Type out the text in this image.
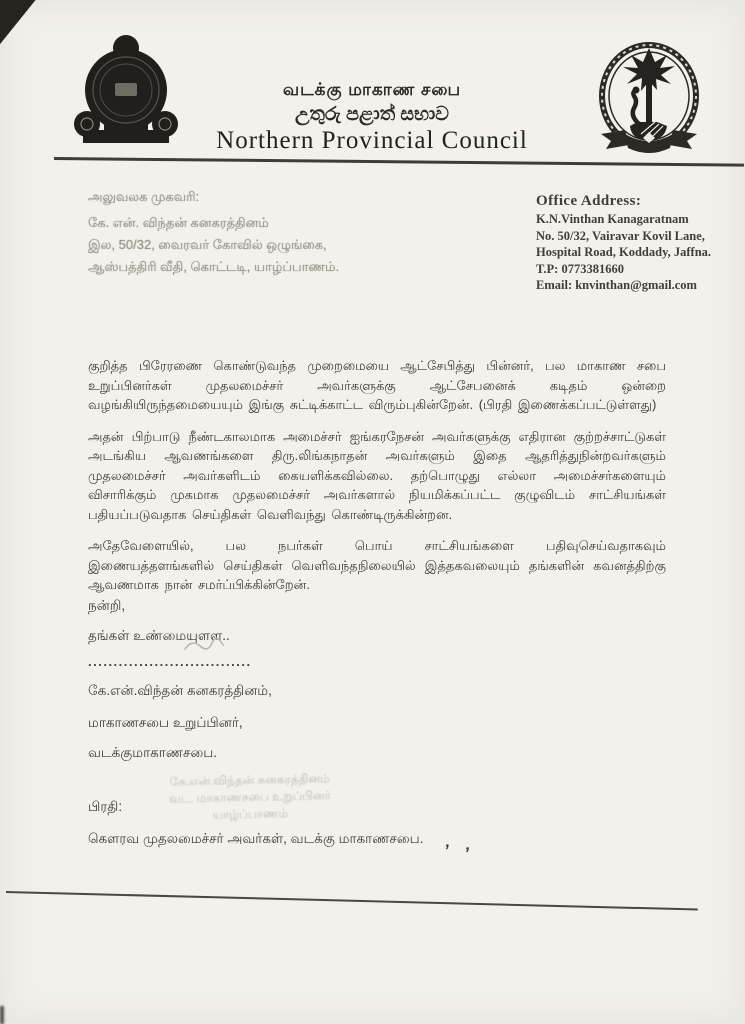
வடக்கு மாகாண சபை
උතුරු පළාත් සභාව
Northern Provincial Council
அலுவலக முகவரி:
கே. என். விந்தன் கனகரத்தினம்
இல, 50/32, வைரவர் கோவில் ஒழுங்கை,
ஆஸ்பத்திரி வீதி, கொட்டடி, யாழ்ப்பாணம்.
Office Address:
K.N.Vinthan Kanagaratnam
No. 50/32, Vairavar Kovil Lane,
Hospital Road, Koddady, Jaffna.
T.P: 0773381660
Email: knvinthan@gmail.com

குறித்த பிரேரணை கொண்டுவந்த முறைமையை ஆட்சேபித்து பின்னர், பல மாகாண சபை உறுப்பினர்கள் முதலமைச்சர் அவர்களுக்கு ஆட்சேபனைக் கடிதம் ஒன்றை வழங்கியிருந்தமையையும் இங்கு சுட்டிக்காட்ட விரும்புகின்றேன். (பிரதி இணைக்கப்பட்டுள்ளது)

அதன் பிற்பாடு நீண்டகாலமாக அமைச்சர் ஐங்கரநேசன் அவர்களுக்கு எதிரான குற்றச்சாட்டுகள் அடங்கிய ஆவணங்களை திரு.லிங்கநாதன் அவர்களும் இதை ஆதரித்துநின்றவர்களும் முதலமைச்சர் அவர்களிடம் கையளிக்கவில்லை. தற்பொழுது எல்லா அமைச்சர்களையும் விசாரிக்கும் முகமாக முதலமைச்சர் அவர்களால் நியமிக்கப்பட்ட குழுவிடம் சாட்சியங்கள் பதியப்படுவதாக செய்திகள் வெளிவந்து கொண்டிருக்கின்றன.

அதேவேளையில், பல நபர்கள் பொய் சாட்சியங்களை பதிவுசெய்வதாகவும் இணையத்தளங்களில் செய்திகள் வெளிவந்தநிலையில் இத்தகவலையும் தங்களின் கவனத்திற்கு ஆவணமாக நான் சமர்ப்பிக்கின்றேன்.

நன்றி,
தங்கள் உண்மையுளள..
................................
கே.என்.விந்தன் கனகரத்தினம்,
மாகாணசபை உறுப்பினர்,
வடக்குமாகாணசபை.
கே.என்.விந்தன் கனகரத்தினம்
வட. மாகாணசபை உறுப்பினர்
யாழ்ப்பாணம்
பிரதி:
கௌரவ முதலமைச்சர் அவர்கள், வடக்கு மாகாணசபை.
’ ’
